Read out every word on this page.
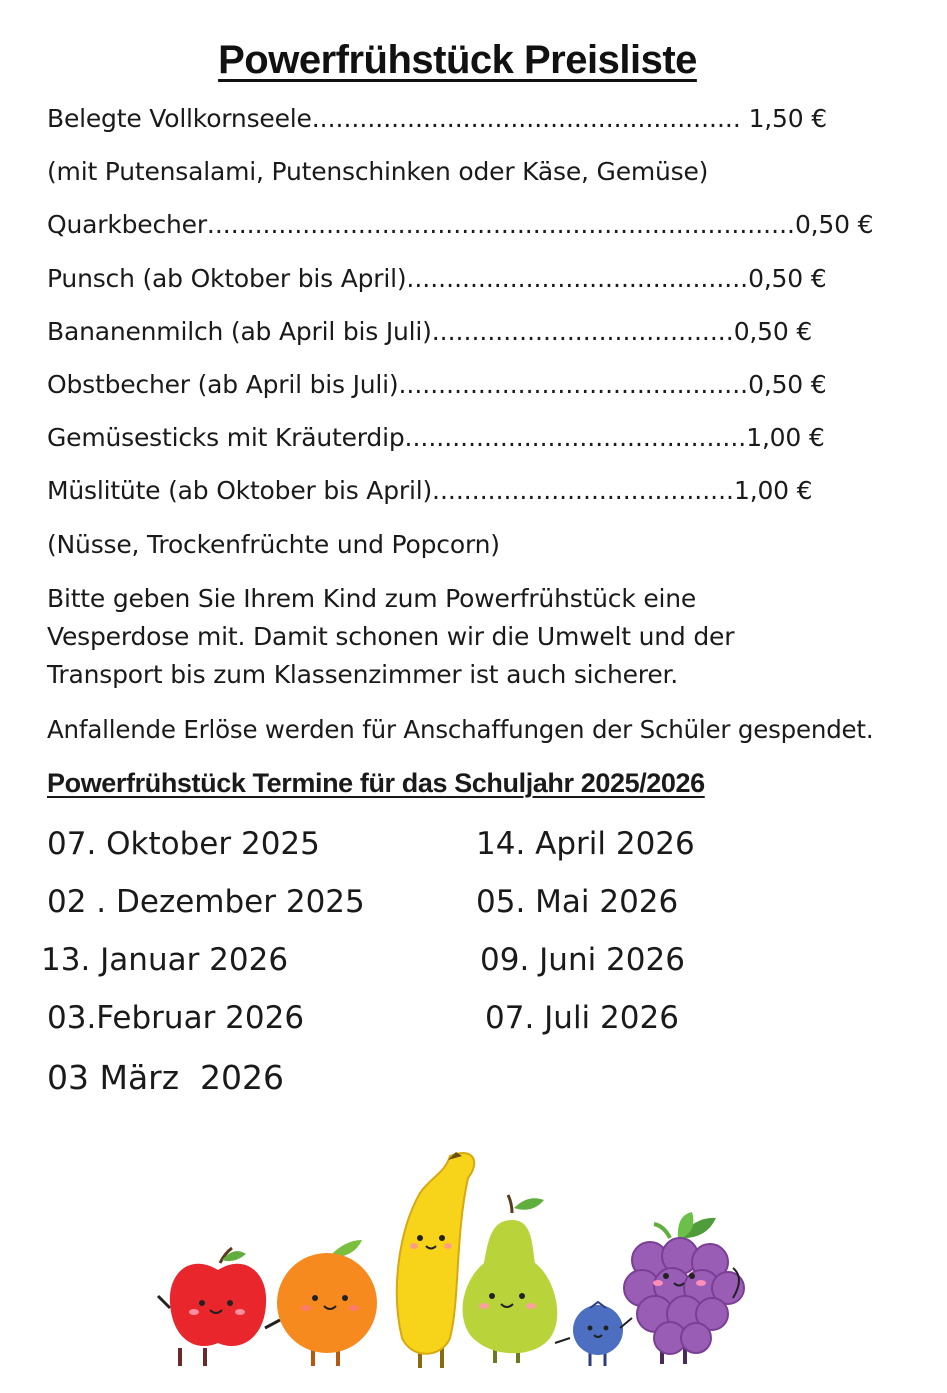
Powerfrühstück Preisliste
Belegte Vollkornseele...................................................... 1,50 €
(mit Putensalami, Putenschinken oder Käse, Gemüse)
Quarkbecher..........................................................................0,50 €
Punsch (ab Oktober bis April)...........................................0,50 €
Bananenmilch (ab April bis Juli)......................................0,50 €
Obstbecher (ab April bis Juli)............................................0,50 €
Gemüsesticks mit Kräuterdip...........................................1,00 €
Müslitüte (ab Oktober bis April)......................................1,00 €
(Nüsse, Trockenfrüchte und Popcorn)
Bitte geben Sie Ihrem Kind zum Powerfrühstück eine
Vesperdose mit. Damit schonen wir die Umwelt und der
Transport bis zum Klassenzimmer ist auch sicherer.
Anfallende Erlöse werden für Anschaffungen der Schüler gespendet.
Powerfrühstück Termine für das Schuljahr 2025/2026
07. Oktober 2025
02 . Dezember 2025
13. Januar 2026
03.Februar 2026
03 März  2026
14. April 2026
05. Mai 2026
09. Juni 2026
07. Juli 2026
